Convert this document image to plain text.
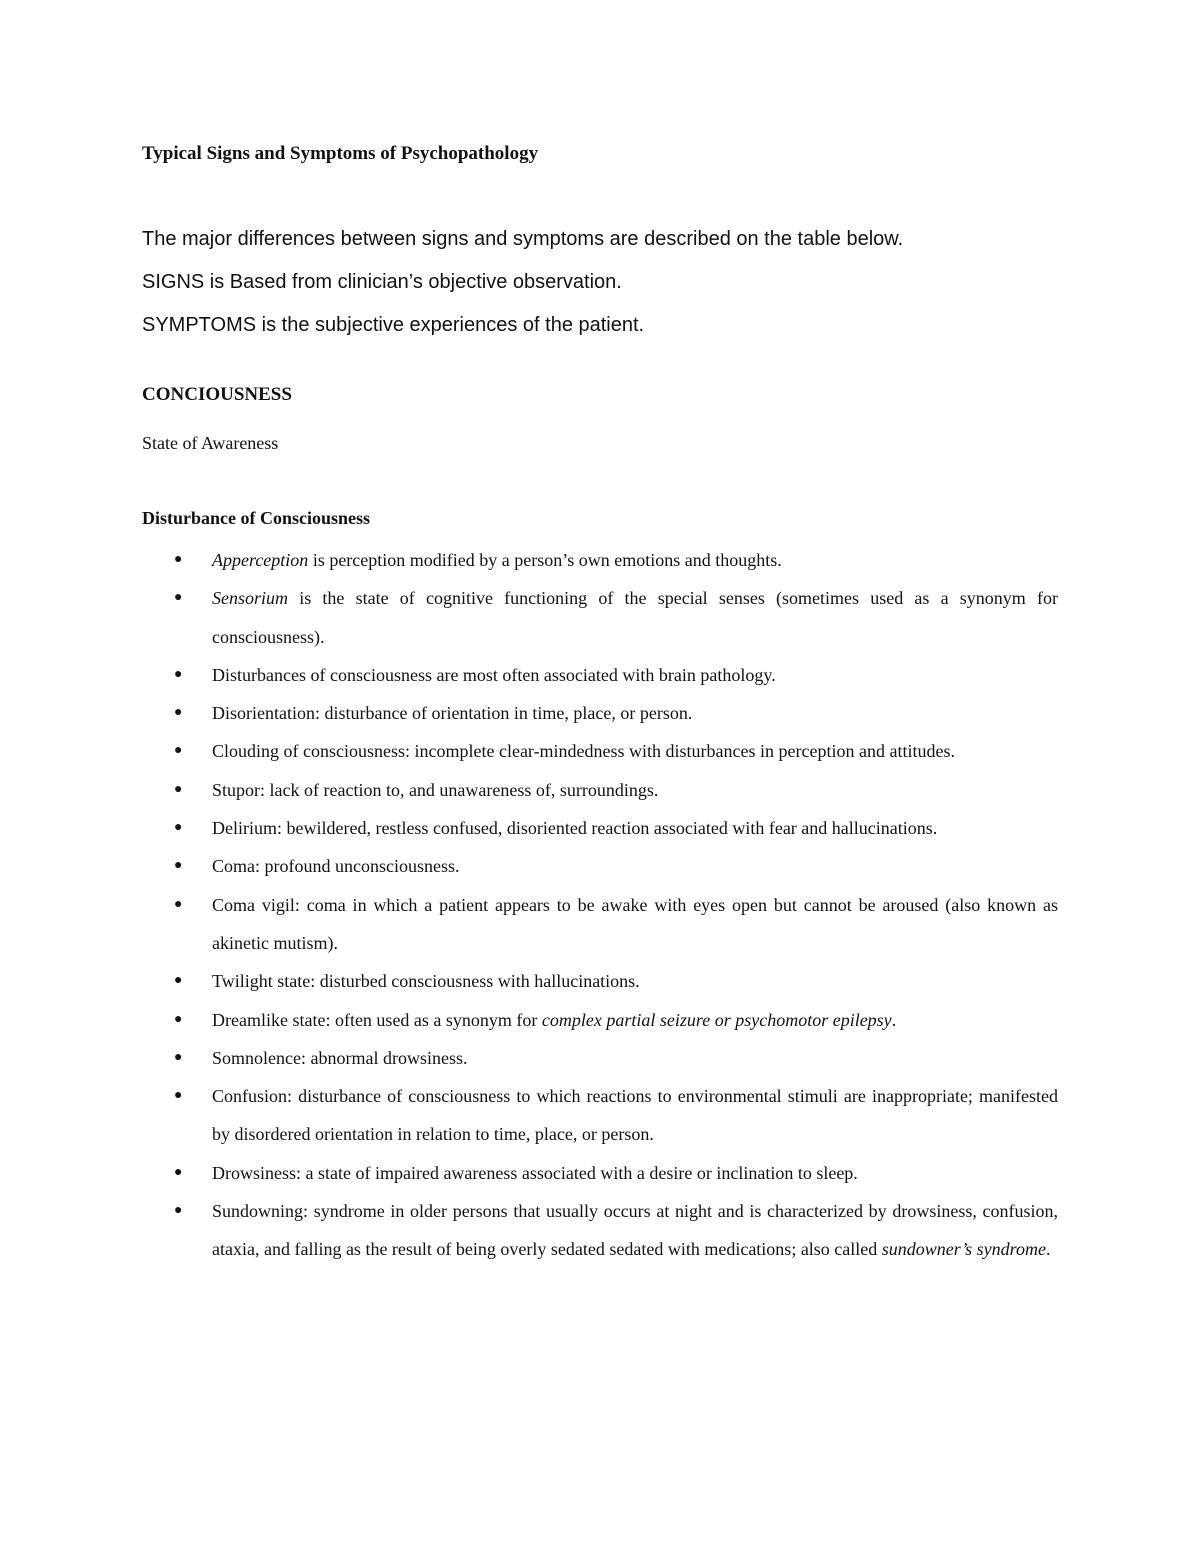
Typical Signs and Symptoms of Psychopathology

The major differences between signs and symptoms are described on the table below.

SIGNS is Based from clinician’s objective observation.

SYMPTOMS is the subjective experiences of the patient.

CONCIOUSNESS

State of Awareness

Disturbance of Consciousness
● Apperception is perception modified by a person’s own emotions and thoughts.
● Sensorium is the state of cognitive functioning of the special senses (sometimes used as a synonym for consciousness).
● Disturbances of consciousness are most often associated with brain pathology.
● Disorientation: disturbance of orientation in time, place, or person.
● Clouding of consciousness: incomplete clear-mindedness with disturbances in perception and attitudes.
● Stupor: lack of reaction to, and unawareness of, surroundings.
● Delirium: bewildered, restless confused, disoriented reaction associated with fear and hallucinations.
● Coma: profound unconsciousness.
● Coma vigil: coma in which a patient appears to be awake with eyes open but cannot be aroused (also known as akinetic mutism).
● Twilight state: disturbed consciousness with hallucinations.
● Dreamlike state: often used as a synonym for complex partial seizure or psychomotor epilepsy.
● Somnolence: abnormal drowsiness.
● Confusion: disturbance of consciousness to which reactions to environmental stimuli are inappropriate; manifested by disordered orientation in relation to time, place, or person.
● Drowsiness: a state of impaired awareness associated with a desire or inclination to sleep.
● Sundowning: syndrome in older persons that usually occurs at night and is characterized by drowsiness, confusion, ataxia, and falling as the result of being overly sedated sedated with medications; also called sundowner’s syndrome.
